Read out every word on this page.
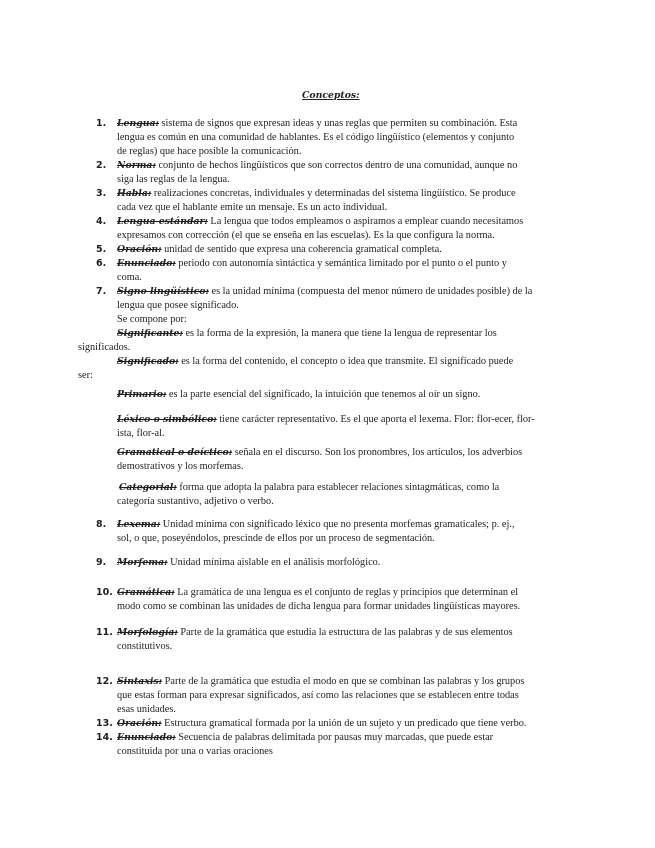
Conceptos:
1. Lengua: sistema de signos que expresan ideas y unas reglas que permiten su combinación. Esta
lengua es común en una comunidad de hablantes. Es el código lingüístico (elementos y conjunto
de reglas) que hace posible la comunicación.
2. Norma: conjunto de hechos lingüísticos que son correctos dentro de una comunidad, aunque no
siga las reglas de la lengua.
3. Habla: realizaciones concretas, individuales y determinadas del sistema lingüístico. Se produce
cada vez que el hablante emite un mensaje. Es un acto individual.
4. Lengua estándar: La lengua que todos empleamos o aspiramos a emplear cuando necesitamos
expresamos con corrección (el que se enseña en las escuelas). Es la que configura la norma.
5. Oración: unidad de sentido que expresa una coherencia gramatical completa.
6. Enunciado: periodo con autonomía sintáctica y semántica limitado por el punto o el punto y
coma.
7. Signo lingüístico: es la unidad mínima (compuesta del menor número de unidades posible) de la
lengua que posee significado.
Se compone por:
Significante: es la forma de la expresión, la manera que tiene la lengua de representar los
significados.
Significado: es la forma del contenido, el concepto o idea que transmite. El significado puede
ser:
Primario: es la parte esencial del significado, la intuición que tenemos al oír un signo.
Léxico o simbólico: tiene carácter representativo. Es el que aporta el lexema. Flor: flor-ecer, flor-
ista, flor-al.
Gramatical o deíctico: señala en el discurso. Son los pronombres, los artículos, los adverbios
demostrativos y los morfemas.
Categorial: forma que adopta la palabra para establecer relaciones sintagmáticas, como la
categoría sustantivo, adjetivo o verbo.
8. Lexema: Unidad mínima con significado léxico que no presenta morfemas gramaticales; p. ej.,
sol, o que, poseyéndolos, prescinde de ellos por un proceso de segmentación.
9. Morfema: Unidad mínima aislable en el análisis morfológico.
10. Gramática: La gramática de una lengua es el conjunto de reglas y principios que determinan el
modo como se combinan las unidades de dicha lengua para formar unidades lingüísticas mayores.
11. Morfología: Parte de la gramática que estudia la estructura de las palabras y de sus elementos
constitutivos.
12. Sintaxis: Parte de la gramática que estudia el modo en que se combinan las palabras y los grupos
que estas forman para expresar significados, así como las relaciones que se establecen entre todas
esas unidades.
13. Oración: Estructura gramatical formada por la unión de un sujeto y un predicado que tiene verbo.
14. Enunciado: Secuencia de palabras delimitada por pausas muy marcadas, que puede estar
constituida por una o varias oraciones
